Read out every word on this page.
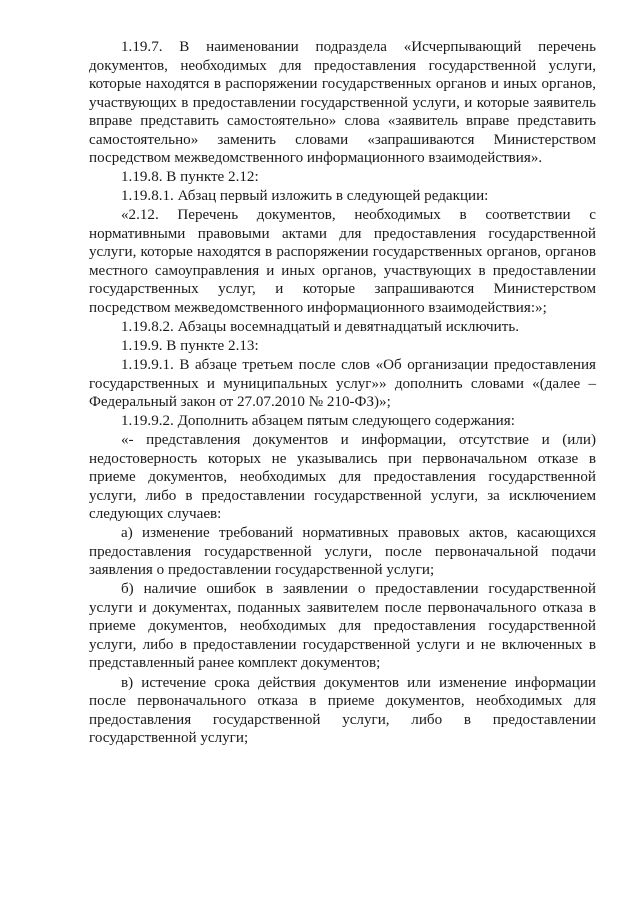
1.19.7. В наименовании подраздела «Исчерпывающий перечень документов, необходимых для предоставления государственной услуги, которые находятся в распоряжении государственных органов и иных органов, участвующих в предоставлении государственной услуги, и которые заявитель вправе представить самостоятельно» слова «заявитель вправе представить самостоятельно» заменить словами «запрашиваются Министерством посредством межведомственного информационного взаимодействия».

1.19.8. В пункте 2.12:

1.19.8.1. Абзац первый изложить в следующей редакции:

«2.12. Перечень документов, необходимых в соответствии с нормативными правовыми актами для предоставления государственной услуги, которые находятся в распоряжении государственных органов, органов местного самоуправления и иных органов, участвующих в предоставлении государственных услуг, и которые запрашиваются Министерством посредством межведомственного информационного взаимодействия:»;

1.19.8.2. Абзацы восемнадцатый и девятнадцатый исключить.

1.19.9. В пункте 2.13:

1.19.9.1. В абзаце третьем после слов «Об организации предоставления государственных и муниципальных услуг»» дополнить словами «(далее – Федеральный закон от 27.07.2010 № 210-ФЗ)»;

1.19.9.2. Дополнить абзацем пятым следующего содержания:

«- представления документов и информации, отсутствие и (или) недостоверность которых не указывались при первоначальном отказе в приеме документов, необходимых для предоставления государственной услуги, либо в предоставлении государственной услуги, за исключением следующих случаев:

а) изменение требований нормативных правовых актов, касающихся предоставления государственной услуги, после первоначальной подачи заявления о предоставлении государственной услуги;

б) наличие ошибок в заявлении о предоставлении государственной услуги и документах, поданных заявителем после первоначального отказа в приеме документов, необходимых для предоставления государственной услуги, либо в предоставлении государственной услуги и не включенных в представленный ранее комплект документов;

в) истечение срока действия документов или изменение информации после первоначального отказа в приеме документов, необходимых для предоставления государственной услуги, либо в предоставлении государственной услуги;
